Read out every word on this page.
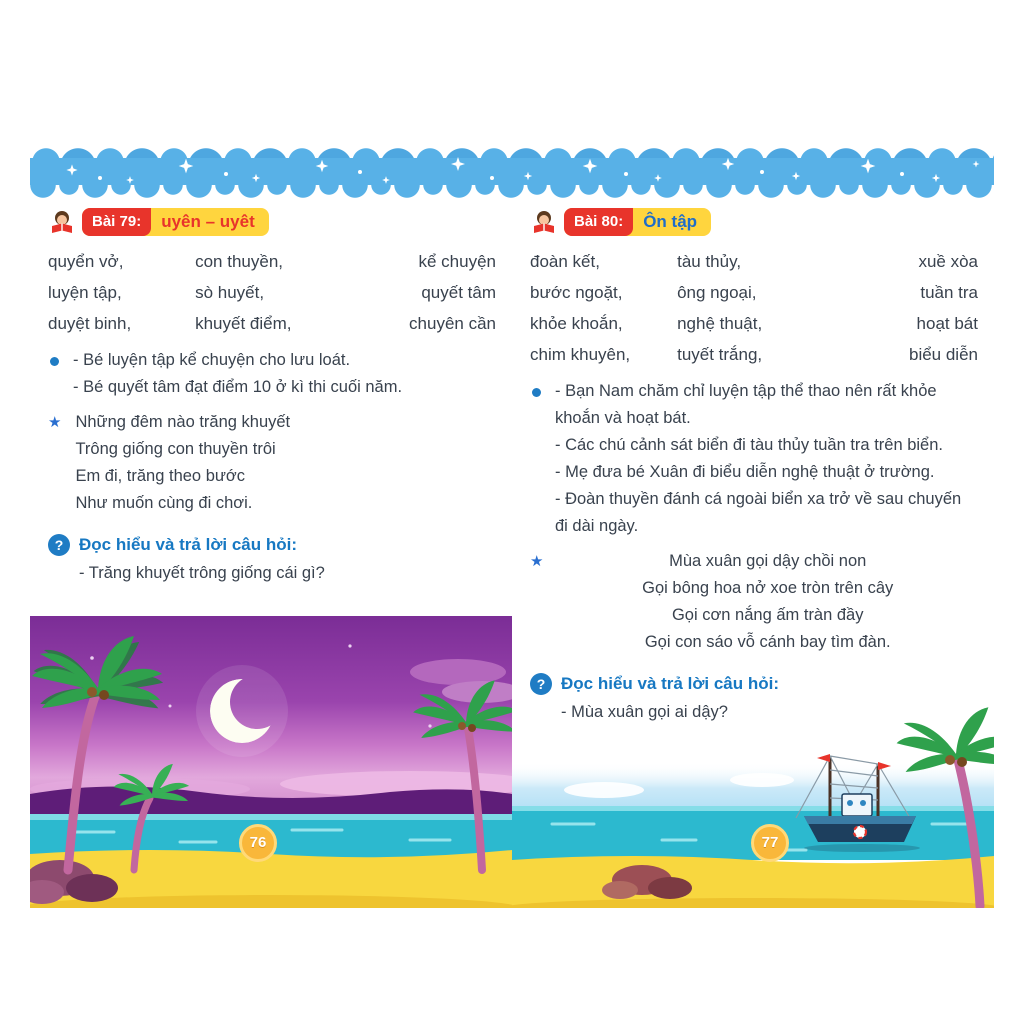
Bài 79:	uyên – uyêt
quyển vở,	con thuyền,	kể chuyện
luyện tập,	sò huyết,	quyết tâm
duyệt binh,	khuyết điểm,	chuyên cần

- Bé luyện tập kể chuyện cho lưu loát.

- Bé quyết tâm đạt điểm 10 ở kì thi cuối năm.

★ Những đêm nào trăng khuyết

Trông giống con thuyền trôi

Em đi, trăng theo bước

Như muốn cùng đi chơi.

? Đọc hiểu và trả lời câu hỏi:

- Trăng khuyết trông giống cái gì?

76
Bài 80:	Ôn tập
đoàn kết,	tàu thủy,	xuề xòa
bước ngoặt,	ông ngoại,	tuần tra
khỏe khoắn,	nghệ thuật,	hoạt bát
chim khuyên,	tuyết trắng,	biểu diễn

- Bạn Nam chăm chỉ luyện tập thể thao nên rất khỏe khoắn và hoạt bát.

- Các chú cảnh sát biển đi tàu thủy tuần tra trên biển.

- Mẹ đưa bé Xuân đi biểu diễn nghệ thuật ở trường.

- Đoàn thuyền đánh cá ngoài biển xa trở về sau chuyến đi dài ngày.

★	Mùa xuân gọi dậy chồi non

Gọi bông hoa nở xoe tròn trên cây

Gọi cơn nắng ấm tràn đầy

Gọi con sáo vỗ cánh bay tìm đàn.

? Đọc hiểu và trả lời câu hỏi:

- Mùa xuân gọi ai dậy?

77
